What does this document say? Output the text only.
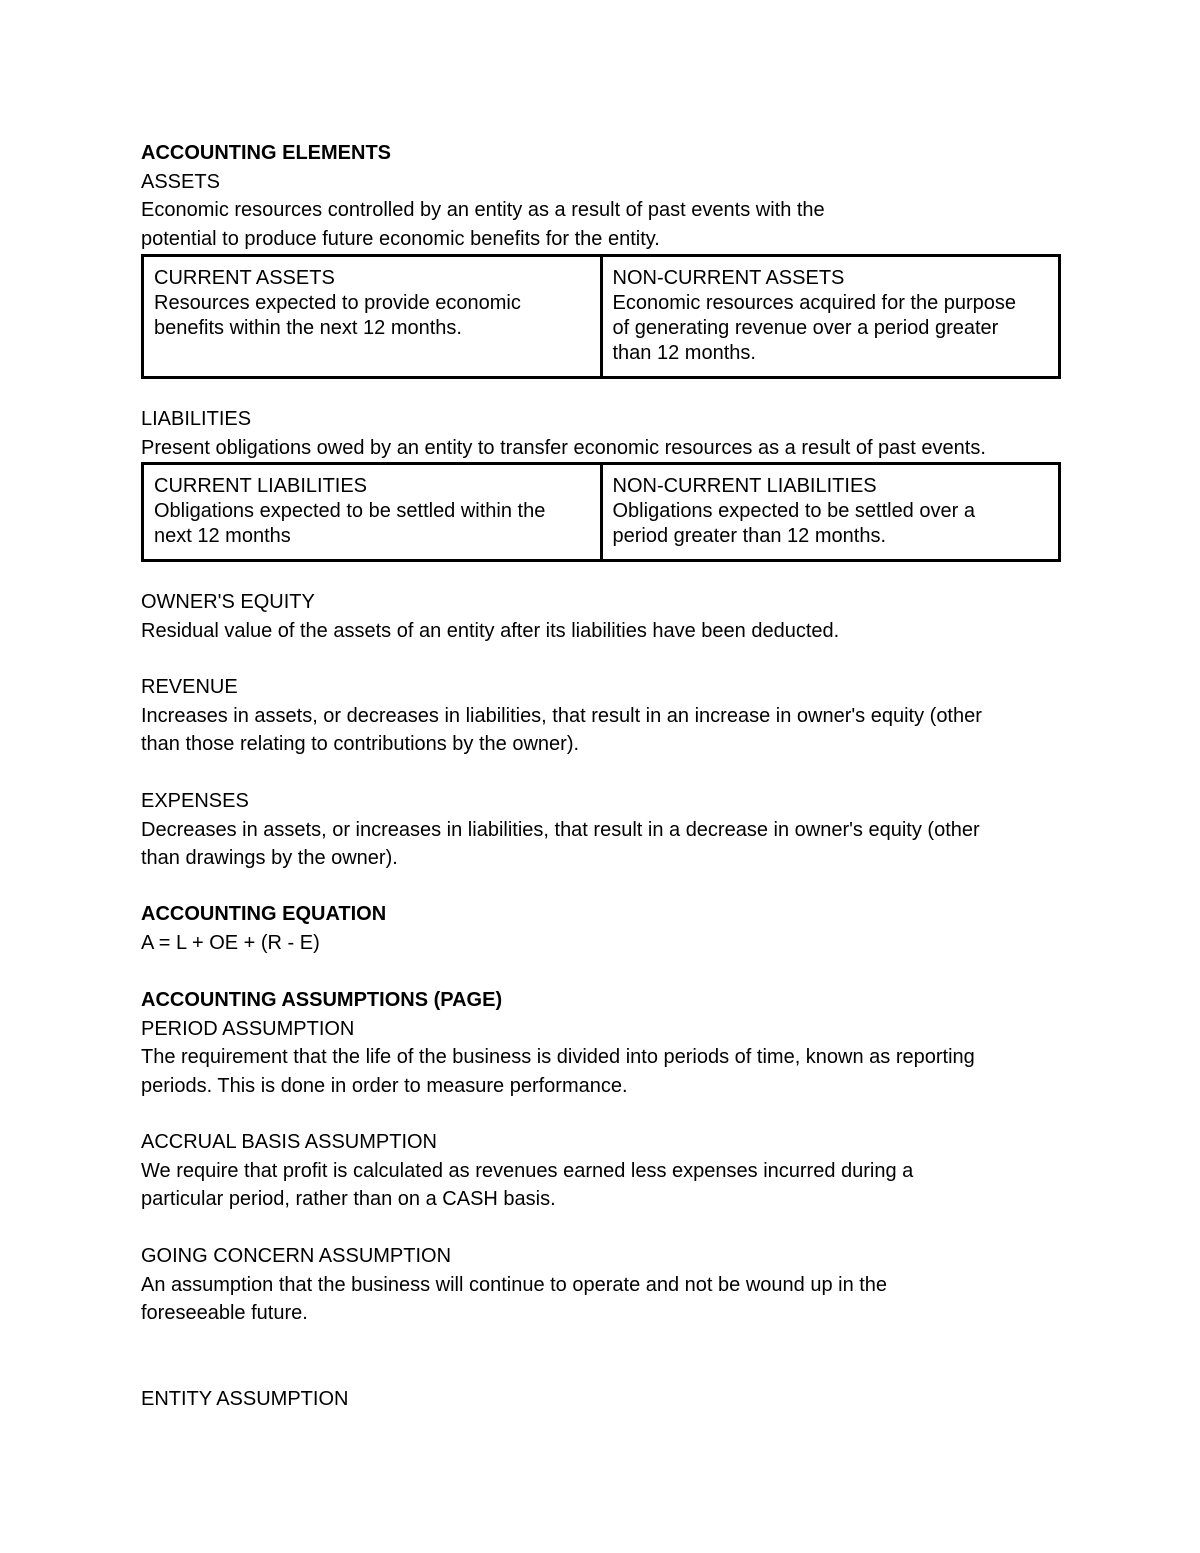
ACCOUNTING ELEMENTS
ASSETS
Economic resources controlled by an entity as a result of past events with the
potential to produce future economic benefits for the entity.
CURRENT ASSETS
Resources expected to provide economic
benefits within the next 12 months.

NON-CURRENT ASSETS
Economic resources acquired for the purpose
of generating revenue over a period greater
than 12 months.
LIABILITIES
Present obligations owed by an entity to transfer economic resources as a result of past events.
CURRENT LIABILITIES
Obligations expected to be settled within the
next 12 months

NON-CURRENT LIABILITIES
Obligations expected to be settled over a
period greater than 12 months.
OWNER'S EQUITY
Residual value of the assets of an entity after its liabilities have been deducted.
REVENUE
Increases in assets, or decreases in liabilities, that result in an increase in owner's equity (other
than those relating to contributions by the owner).
EXPENSES
Decreases in assets, or increases in liabilities, that result in a decrease in owner's equity (other
than drawings by the owner).
ACCOUNTING EQUATION
A = L + OE + (R - E)
ACCOUNTING ASSUMPTIONS (PAGE)
PERIOD ASSUMPTION
The requirement that the life of the business is divided into periods of time, known as reporting
periods. This is done in order to measure performance.
ACCRUAL BASIS ASSUMPTION
We require that profit is calculated as revenues earned less expenses incurred during a
particular period, rather than on a CASH basis.
GOING CONCERN ASSUMPTION
An assumption that the business will continue to operate and not be wound up in the
foreseeable future.
ENTITY ASSUMPTION
